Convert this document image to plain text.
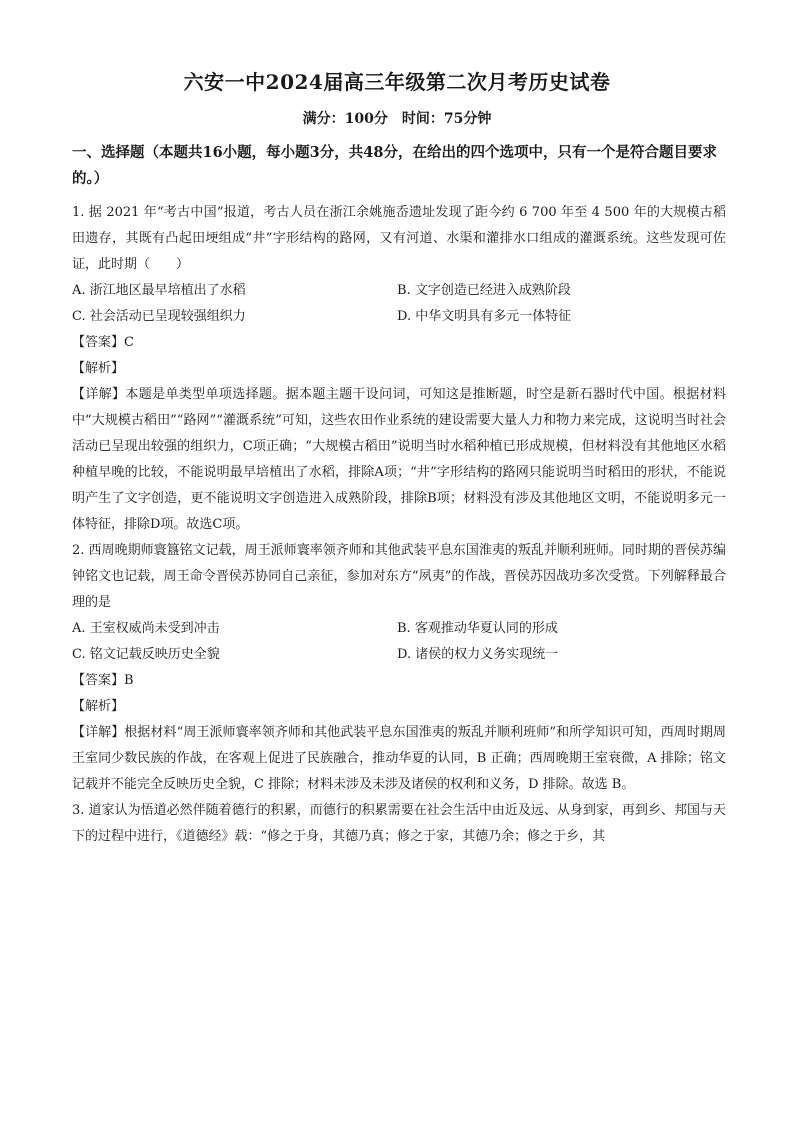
六安一中2024届高三年级第二次月考历史试卷
满分：100分　时间：75分钟
一、选择题（本题共16小题，每小题3分，共48分，在给出的四个选项中，只有一个是符合题目要求的。）

1. 据 2021 年“考古中国”报道，考古人员在浙江余姚施岙遗址发现了距今约 6 700 年至 4 500 年的大规模古稻田遗存，其既有凸起田埂组成“井”字形结构的路网，又有河道、水渠和灌排水口组成的灌溉系统。这些发现可佐证，此时期（　　）

A. 浙江地区最早培植出了水稻	B. 文字创造已经进入成熟阶段
C. 社会活动已呈现较强组织力	D. 中华文明具有多元一体特征

【答案】C

【解析】

【详解】本题是单类型单项选择题。据本题主题干设问词，可知这是推断题，时空是新石器时代中国。根据材料中“大规模古稻田”“路网”“灌溉系统”可知，这些农田作业系统的建设需要大量人力和物力来完成，这说明当时社会活动已呈现出较强的组织力，C项正确；“大规模古稻田”说明当时水稻种植已形成规模，但材料没有其他地区水稻种植早晚的比较，不能说明最早培植出了水稻，排除A项；“井”字形结构的路网只能说明当时稻田的形状，不能说明产生了文字创造，更不能说明文字创造进入成熟阶段，排除B项；材料没有涉及其他地区文明，不能说明多元一体特征，排除D项。故选C项。

2. 西周晚期师寰簋铭文记载，周王派师寰率领齐师和其他武装平息东国淮夷的叛乱并顺利班师。同时期的晋侯苏编钟铭文也记载，周王命令晋侯苏协同自己亲征，参加对东方“夙夷”的作战，晋侯苏因战功多次受赏。下列解释最合理的是

A. 王室权威尚未受到冲击	B. 客观推动华夏认同的形成
C. 铭文记载反映历史全貌	D. 诸侯的权力义务实现统一

【答案】B

【解析】

【详解】根据材料“周王派师寰率领齐师和其他武装平息东国淮夷的叛乱并顺利班师”和所学知识可知，西周时期周王室同少数民族的作战，在客观上促进了民族融合，推动华夏的认同，B 正确；西周晚期王室衰微，A 排除；铭文记载并不能完全反映历史全貌，C 排除；材料未涉及未涉及诸侯的权利和义务，D 排除。故选 B。

3. 道家认为悟道必然伴随着德行的积累，而德行的积累需要在社会生活中由近及远、从身到家，再到乡、邦国与天下的过程中进行，《道德经》载：“修之于身，其德乃真；修之于家，其德乃余；修之于乡，其
